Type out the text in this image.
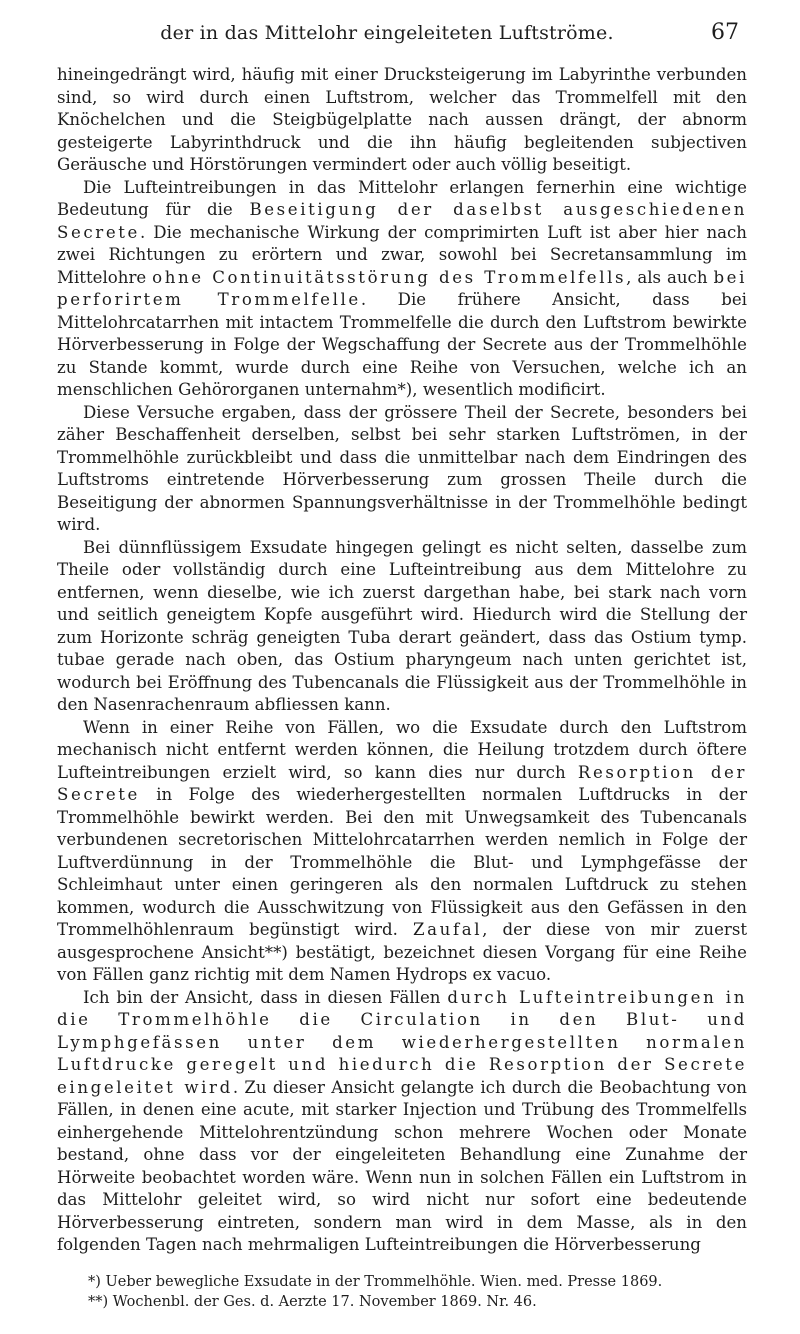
der in das Mittelohr eingeleiteten Luftströme.	67

hineingedrängt wird, häufig mit einer Drucksteigerung im Labyrinthe verbunden sind, so wird durch einen Luftstrom, welcher das Trommelfell mit den Knöchelchen und die Steigbügelplatte nach aussen drängt, der abnorm gesteigerte Labyrinthdruck und die ihn häufig begleitenden subjectiven Geräusche und Hörstörungen vermindert oder auch völlig beseitigt.

Die Lufteintreibungen in das Mittelohr erlangen fernerhin eine wichtige Bedeutung für die Beseitigung der daselbst ausgeschiedenen Secrete. Die mechanische Wirkung der comprimirten Luft ist aber hier nach zwei Richtungen zu erörtern und zwar, sowohl bei Secretansammlung im Mittelohre ohne Continuitätsstörung des Trommelfells, als auch bei perforirtem Trommelfelle. Die frühere Ansicht, dass bei Mittelohrcatarrhen mit intactem Trommelfelle die durch den Luftstrom bewirkte Hörverbesserung in Folge der Wegschaffung der Secrete aus der Trommelhöhle zu Stande kommt, wurde durch eine Reihe von Versuchen, welche ich an menschlichen Gehörorganen unternahm*), wesentlich modificirt.

Diese Versuche ergaben, dass der grössere Theil der Secrete, besonders bei zäher Beschaffenheit derselben, selbst bei sehr starken Luftströmen, in der Trommelhöhle zurückbleibt und dass die unmittelbar nach dem Eindringen des Luftstroms eintretende Hörverbesserung zum grossen Theile durch die Beseitigung der abnormen Spannungsverhältnisse in der Trommelhöhle bedingt wird.

Bei dünnflüssigem Exsudate hingegen gelingt es nicht selten, dasselbe zum Theile oder vollständig durch eine Lufteintreibung aus dem Mittelohre zu entfernen, wenn dieselbe, wie ich zuerst dargethan habe, bei stark nach vorn und seitlich geneigtem Kopfe ausgeführt wird. Hiedurch wird die Stellung der zum Horizonte schräg geneigten Tuba derart geändert, dass das Ostium tymp. tubae gerade nach oben, das Ostium pharyngeum nach unten gerichtet ist, wodurch bei Eröffnung des Tubencanals die Flüssigkeit aus der Trommelhöhle in den Nasenrachenraum abfliessen kann.

Wenn in einer Reihe von Fällen, wo die Exsudate durch den Luftstrom mechanisch nicht entfernt werden können, die Heilung trotzdem durch öftere Lufteintreibungen erzielt wird, so kann dies nur durch Resorption der Secrete in Folge des wiederhergestellten normalen Luftdrucks in der Trommelhöhle bewirkt werden. Bei den mit Unwegsamkeit des Tubencanals verbundenen secretorischen Mittelohrcatarrhen werden nemlich in Folge der Luftverdünnung in der Trommelhöhle die Blut- und Lymphgefässe der Schleimhaut unter einen geringeren als den normalen Luftdruck zu stehen kommen, wodurch die Ausschwitzung von Flüssigkeit aus den Gefässen in den Trommelhöhlenraum begünstigt wird. Zaufal, der diese von mir zuerst ausgesprochene Ansicht**) bestätigt, bezeichnet diesen Vorgang für eine Reihe von Fällen ganz richtig mit dem Namen Hydrops ex vacuo.

Ich bin der Ansicht, dass in diesen Fällen durch Lufteintreibungen in die Trommelhöhle die Circulation in den Blut- und Lymphgefässen unter dem wiederhergestellten normalen Luftdrucke geregelt und hiedurch die Resorption der Secrete eingeleitet wird. Zu dieser Ansicht gelangte ich durch die Beobachtung von Fällen, in denen eine acute, mit starker Injection und Trübung des Trommelfells einhergehende Mittelohrentzündung schon mehrere Wochen oder Monate bestand, ohne dass vor der eingeleiteten Behandlung eine Zunahme der Hörweite beobachtet worden wäre. Wenn nun in solchen Fällen ein Luftstrom in das Mittelohr geleitet wird, so wird nicht nur sofort eine bedeutende Hörverbesserung eintreten, sondern man wird in dem Masse, als in den folgenden Tagen nach mehrmaligen Lufteintreibungen die Hörverbesserung

*) Ueber bewegliche Exsudate in der Trommelhöhle. Wien. med. Presse 1869.

**) Wochenbl. der Ges. d. Aerzte 17. November 1869. Nr. 46.
